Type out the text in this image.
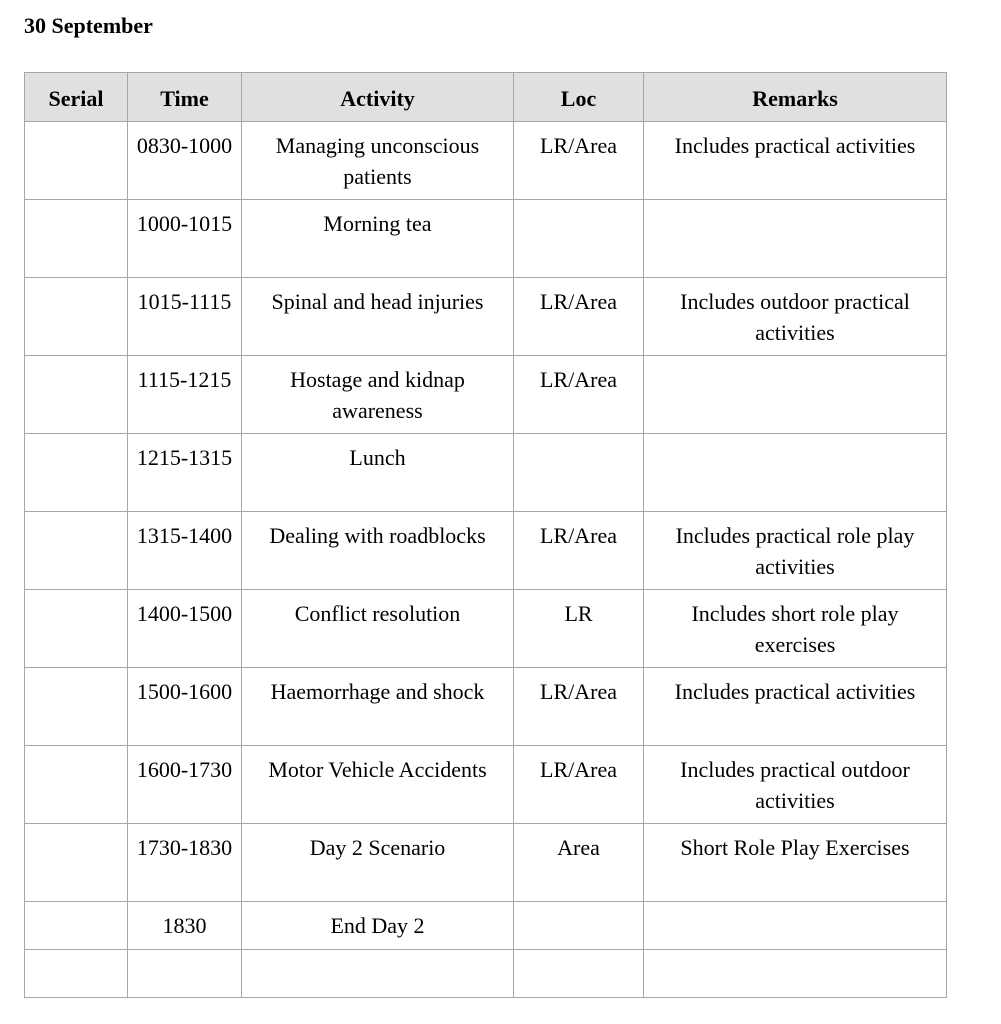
30 September
Serial	Time	Activity	Loc	Remarks
	0830-1000	Managing unconscious patients	LR/Area	Includes practical activities
	1000-1015	Morning tea		
	1015-1115	Spinal and head injuries	LR/Area	Includes outdoor practical activities
	1115-1215	Hostage and kidnap awareness	LR/Area	
	1215-1315	Lunch		
	1315-1400	Dealing with roadblocks	LR/Area	Includes practical role play activities
	1400-1500	Conflict resolution	LR	Includes short role play exercises
	1500-1600	Haemorrhage and shock	LR/Area	Includes practical activities
	1600-1730	Motor Vehicle Accidents	LR/Area	Includes practical outdoor activities
	1730-1830	Day 2 Scenario	Area	Short Role Play Exercises
	1830	End Day 2		
